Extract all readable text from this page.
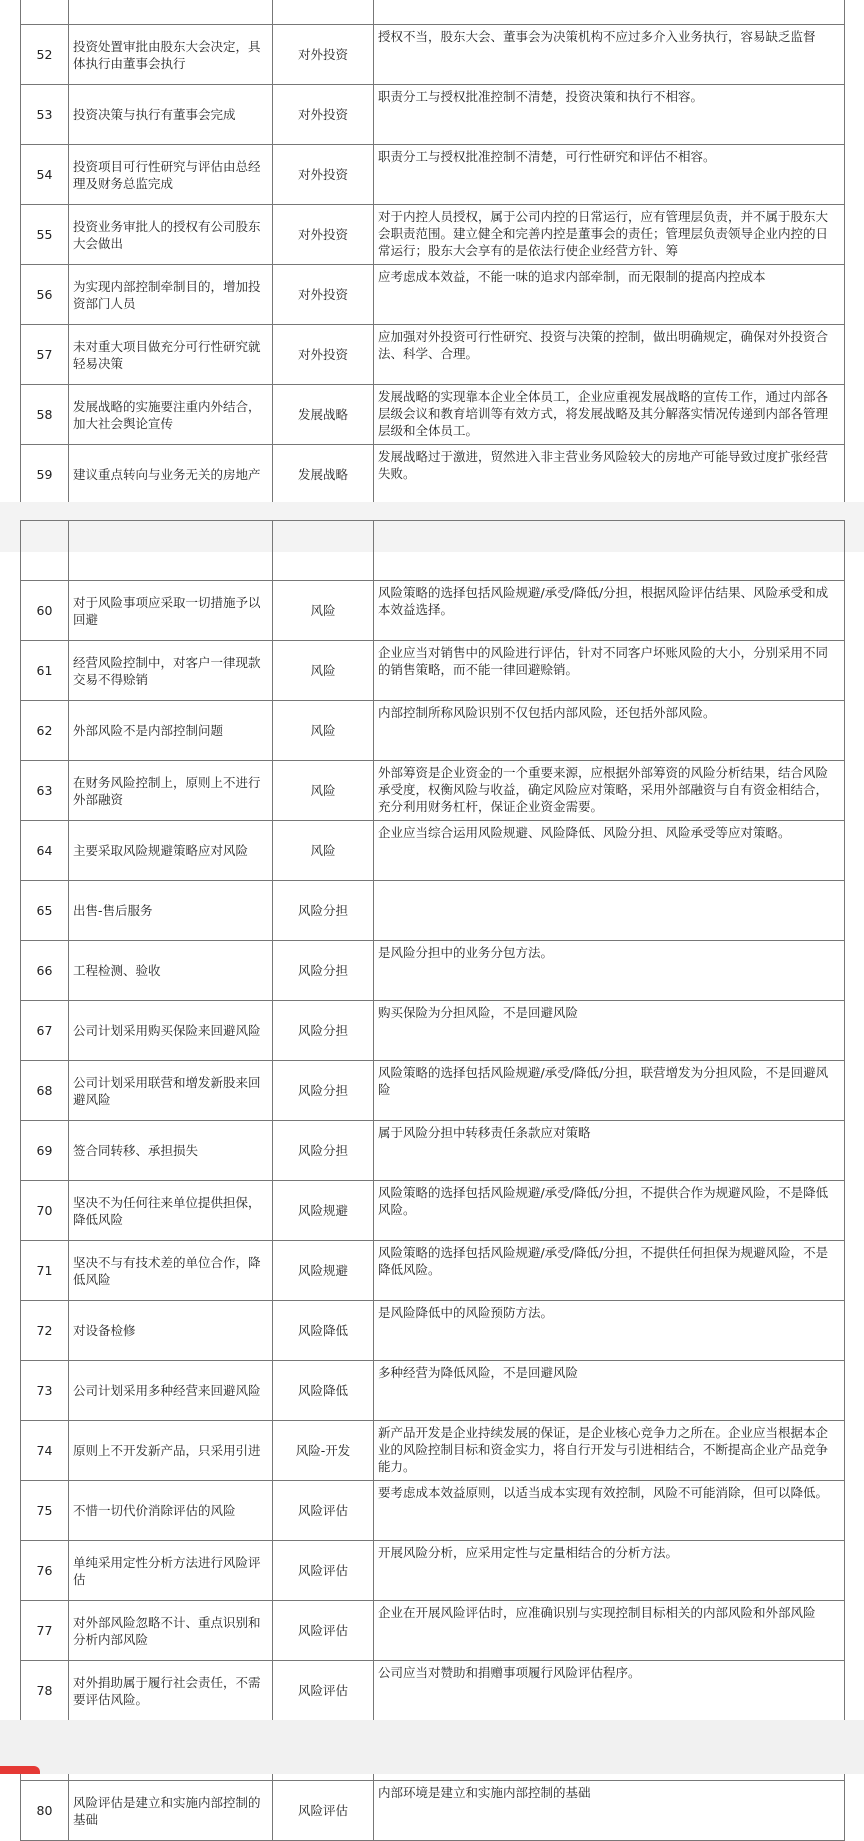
52	投资处置审批由股东大会决定，具体执行由董事会执行	对外投资	授权不当，股东大会、董事会为决策机构不应过多介入业务执行，容易缺乏监督

53	投资决策与执行有董事会完成	对外投资	职责分工与授权批准控制不清楚，投资决策和执行不相容。

54	投资项目可行性研究与评估由总经理及财务总监完成	对外投资	职责分工与授权批准控制不清楚，可行性研究和评估不相容。

55	投资业务审批人的授权有公司股东大会做出	对外投资	对于内控人员授权，属于公司内控的日常运行，应有管理层负责，并不属于股东大会职责范围。建立健全和完善内控是董事会的责任；管理层负责领导企业内控的日常运行；股东大会享有的是依法行使企业经营方针、筹

56	为实现内部控制牵制目的，增加投资部门人员	对外投资	应考虑成本效益，不能一味的追求内部牵制，而无限制的提高内控成本

57	未对重大项目做充分可行性研究就轻易决策	对外投资	应加强对外投资可行性研究、投资与决策的控制，做出明确规定，确保对外投资合法、科学、合理。

58	发展战略的实施要注重内外结合，加大社会舆论宣传	发展战略	发展战略的实现靠本企业全体员工，企业应重视发展战略的宣传工作，通过内部各层级会议和教育培训等有效方式，将发展战略及其分解落实情况传递到内部各管理层级和全体员工。

59	建议重点转向与业务无关的房地产	发展战略	发展战略过于激进，贸然进入非主营业务风险较大的房地产可能导致过度扩张经营失败。

60	对于风险事项应采取一切措施予以回避	风险	风险策略的选择包括风险规避/承受/降低/分担，根据风险评估结果、风险承受和成本效益选择。

61	经营风险控制中，对客户一律现款交易不得赊销	风险	企业应当对销售中的风险进行评估，针对不同客户坏账风险的大小，分别采用不同的销售策略，而不能一律回避赊销。

62	外部风险不是内部控制问题	风险	内部控制所称风险识别不仅包括内部风险，还包括外部风险。

63	在财务风险控制上，原则上不进行外部融资	风险	外部筹资是企业资金的一个重要来源，应根据外部筹资的风险分析结果，结合风险承受度，权衡风险与收益，确定风险应对策略，采用外部融资与自有资金相结合，充分利用财务杠杆，保证企业资金需要。

64	主要采取风险规避策略应对风险	风险	企业应当综合运用风险规避、风险降低、风险分担、风险承受等应对策略。

65	出售-售后服务	风险分担	

66	工程检测、验收	风险分担	是风险分担中的业务分包方法。

67	公司计划采用购买保险来回避风险	风险分担	购买保险为分担风险，不是回避风险

68	公司计划采用联营和增发新股来回避风险	风险分担	风险策略的选择包括风险规避/承受/降低/分担，联营增发为分担风险，不是回避风险

69	签合同转移、承担损失	风险分担	属于风险分担中转移责任条款应对策略

70	坚决不为任何往来单位提供担保，降低风险	风险规避	风险策略的选择包括风险规避/承受/降低/分担，不提供合作为规避风险，不是降低风险。

71	坚决不与有技术差的单位合作，降低风险	风险规避	风险策略的选择包括风险规避/承受/降低/分担，不提供任何担保为规避风险，不是降低风险。

72	对设备检修	风险降低	是风险降低中的风险预防方法。

73	公司计划采用多种经营来回避风险	风险降低	多种经营为降低风险，不是回避风险

74	原则上不开发新产品，只采用引进	风险-开发	新产品开发是企业持续发展的保证，是企业核心竞争力之所在。企业应当根据本企业的风险控制目标和资金实力，将自行开发与引进相结合，不断提高企业产品竞争能力。

75	不惜一切代价消除评估的风险	风险评估	要考虑成本效益原则，以适当成本实现有效控制，风险不可能消除，但可以降低。

76	单纯采用定性分析方法进行风险评估	风险评估	开展风险分析，应采用定性与定量相结合的分析方法。

77	对外部风险忽略不计、重点识别和分析内部风险	风险评估	企业在开展风险评估时，应准确识别与实现控制目标相关的内部风险和外部风险

78	对外捐助属于履行社会责任，不需要评估风险。	风险评估	公司应当对赞助和捐赠事项履行风险评估程序。

80	风险评估是建立和实施内部控制的基础	风险评估	内部环境是建立和实施内部控制的基础
